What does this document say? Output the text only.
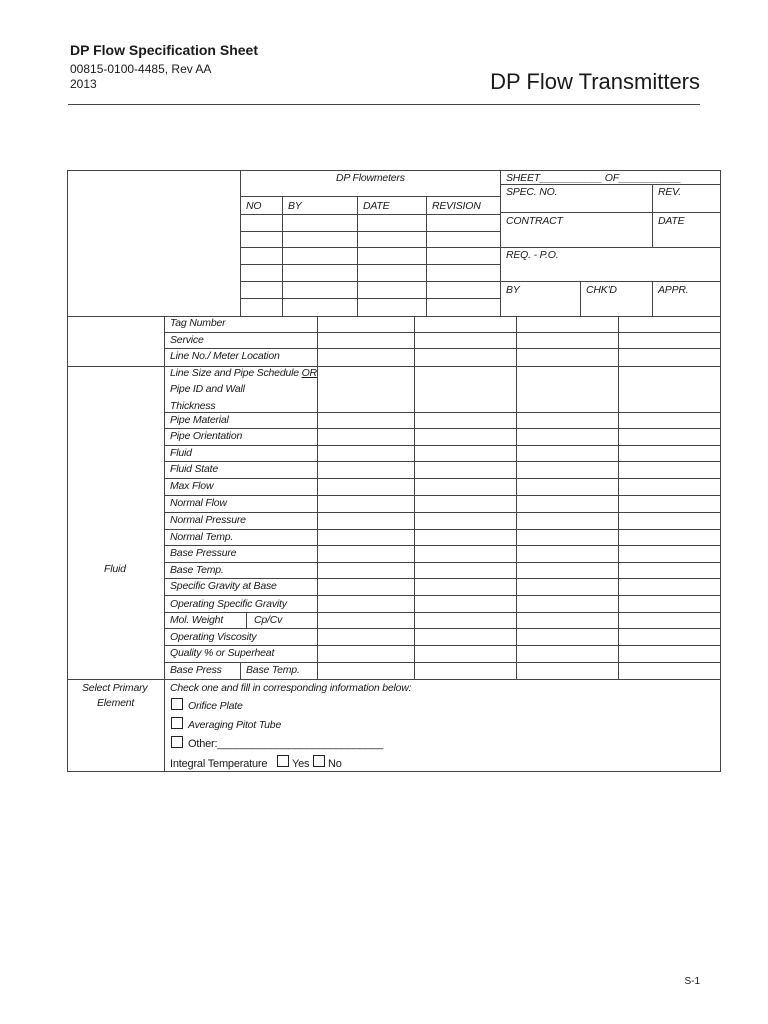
DP Flow Specification Sheet
00815-0100-4485, Rev AA
2013	DP Flow Transmitters
DP Flowmeters
NO	BY	DATE	REVISION
SHEET___________ OF___________
SPEC. NO.	REV.
CONTRACT	DATE
REQ. - P.O.
BY	CHK'D	APPR.
Tag Number
Service
Line No./ Meter Location
Line Size and Pipe Schedule OR
Pipe ID and Wall
Thickness
Pipe Material
Pipe Orientation
Fluid
Fluid State
Max Flow
Normal Flow
Normal Pressure
Normal Temp.
Base Pressure
Base Temp.
Specific Gravity at Base
Operating Specific Gravity
Mol. Weight	Cp/Cv
Operating Viscosity
Quality % or Superheat
Base Press Base Temp.
Fluid
Select Primary
Element
Check one and fill in corresponding information below:
Orifice Plate
Averaging Pitot Tube
Other:____________________________
Integral Temperature Yes No
S-1
